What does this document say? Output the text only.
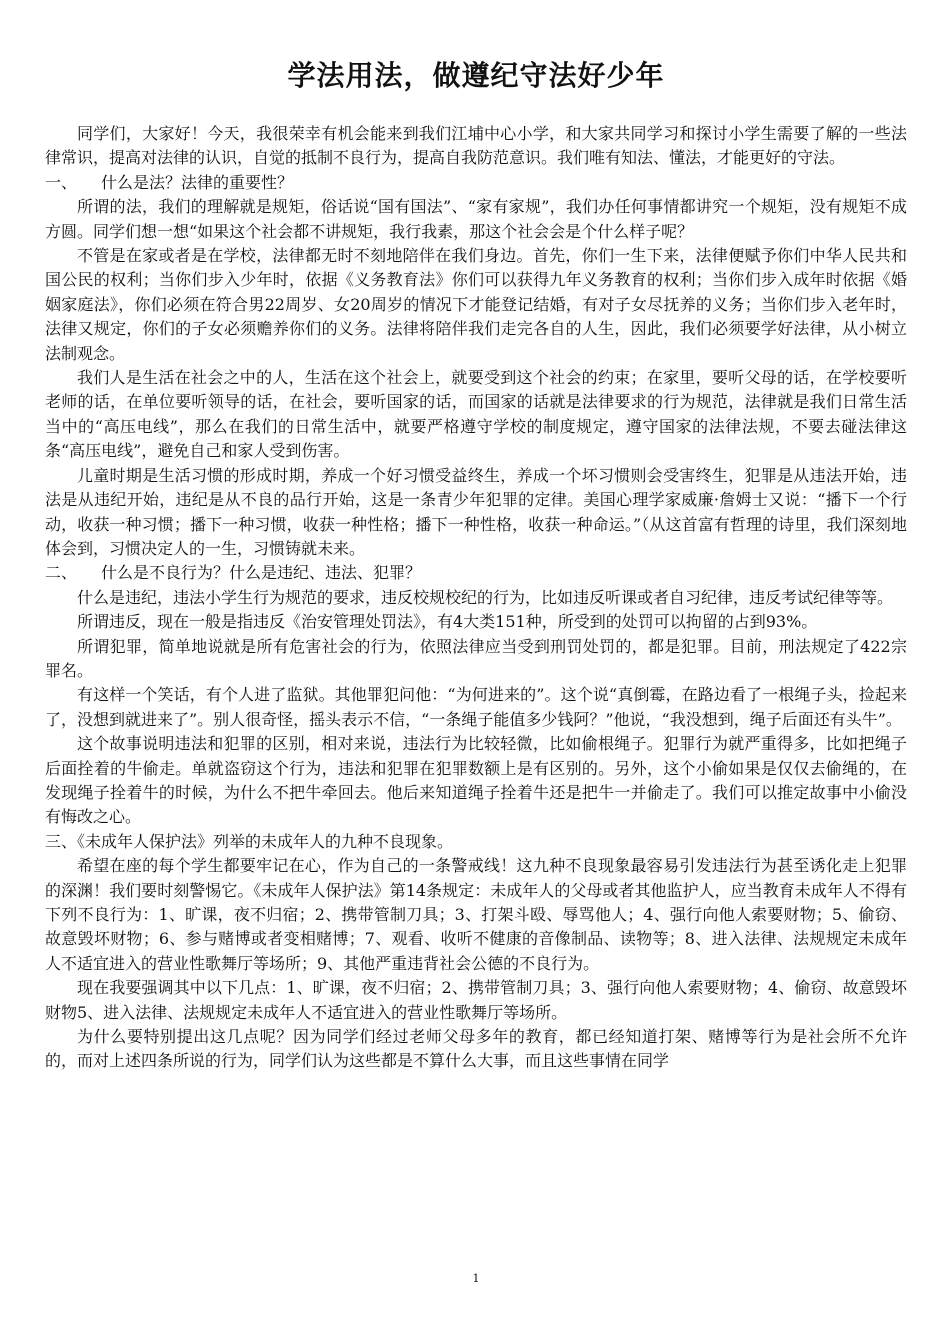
学法用法，做遵纪守法好少年

同学们，大家好！今天，我很荣幸有机会能来到我们江埔中心小学，和大家共同学习和探讨小学生需要了解的一些法律常识，提高对法律的认识，自觉的抵制不良行为，提高自我防范意识。我们唯有知法、懂法，才能更好的守法。

一、 什么是法？法律的重要性？

所谓的法，我们的理解就是规矩，俗话说“国有国法”、“家有家规”，我们办任何事情都讲究一个规矩，没有规矩不成方圆。同学们想一想“如果这个社会都不讲规矩，我行我素，那这个社会会是个什么样子呢？

不管是在家或者是在学校，法律都无时不刻地陪伴在我们身边。首先，你们一生下来，法律便赋予你们中华人民共和国公民的权利；当你们步入少年时，依据《义务教育法》你们可以获得九年义务教育的权利；当你们步入成年时依据《婚姻家庭法》，你们必须在符合男22周岁、女20周岁的情况下才能登记结婚，有对子女尽抚养的义务；当你们步入老年时，法律又规定，你们的子女必须赡养你们的义务。法律将陪伴我们走完各自的人生，因此，我们必须要学好法律，从小树立法制观念。

我们人是生活在社会之中的人，生活在这个社会上，就要受到这个社会的约束；在家里，要听父母的话，在学校要听老师的话，在单位要听领导的话，在社会，要听国家的话，而国家的话就是法律要求的行为规范，法律就是我们日常生活当中的“高压电线”，那么在我们的日常生活中，就要严格遵守学校的制度规定，遵守国家的法律法规，不要去碰法律这条“高压电线”，避免自己和家人受到伤害。

儿童时期是生活习惯的形成时期，养成一个好习惯受益终生，养成一个坏习惯则会受害终生，犯罪是从违法开始，违法是从违纪开始，违纪是从不良的品行开始，这是一条青少年犯罪的定律。美国心理学家威廉·詹姆士又说：“播下一个行动，收获一种习惯；播下一种习惯，收获一种性格；播下一种性格，收获一种命运。”（从这首富有哲理的诗里，我们深刻地体会到，习惯决定人的一生，习惯铸就未来。

二、 什么是不良行为？什么是违纪、违法、犯罪？

什么是违纪，违法小学生行为规范的要求，违反校规校纪的行为，比如违反听课或者自习纪律，违反考试纪律等等。

所谓违反，现在一般是指违反《治安管理处罚法》，有4大类151种，所受到的处罚可以拘留的占到93%。

所谓犯罪，简单地说就是所有危害社会的行为，依照法律应当受到刑罚处罚的，都是犯罪。目前，刑法规定了422宗罪名。

有这样一个笑话，有个人进了监狱。其他罪犯问他：“为何进来的”。这个说“真倒霉，在路边看了一根绳子头，捡起来了，没想到就进来了”。别人很奇怪，摇头表示不信，“一条绳子能值多少钱阿？”他说，“我没想到，绳子后面还有头牛”。

这个故事说明违法和犯罪的区别，相对来说，违法行为比较轻微，比如偷根绳子。犯罪行为就严重得多，比如把绳子后面拴着的牛偷走。单就盗窃这个行为，违法和犯罪在犯罪数额上是有区别的。另外，这个小偷如果是仅仅去偷绳的，在发现绳子拴着牛的时候，为什么不把牛牵回去。他后来知道绳子拴着牛还是把牛一并偷走了。我们可以推定故事中小偷没有悔改之心。

三、《未成年人保护法》列举的未成年人的九种不良现象。

希望在座的每个学生都要牢记在心，作为自己的一条警戒线！这九种不良现象最容易引发违法行为甚至诱化走上犯罪的深渊！我们要时刻警惕它。《未成年人保护法》第14条规定：未成年人的父母或者其他监护人，应当教育未成年人不得有下列不良行为：1、旷课，夜不归宿；2、携带管制刀具；3、打架斗殴、辱骂他人；4、强行向他人索要财物；5、偷窃、故意毁坏财物；6、参与赌博或者变相赌博；7、观看、收听不健康的音像制品、读物等；8、进入法律、法规规定未成年人不适宜进入的营业性歌舞厅等场所；9、其他严重违背社会公德的不良行为。

现在我要强调其中以下几点：1、旷课，夜不归宿；2、携带管制刀具；3、强行向他人索要财物；4、偷窃、故意毁坏财物5、进入法律、法规规定未成年人不适宜进入的营业性歌舞厅等场所。

为什么要特别提出这几点呢？因为同学们经过老师父母多年的教育，都已经知道打架、赌博等行为是社会所不允许的，而对上述四条所说的行为，同学们认为这些都是不算什么大事，而且这些事情在同学

1
